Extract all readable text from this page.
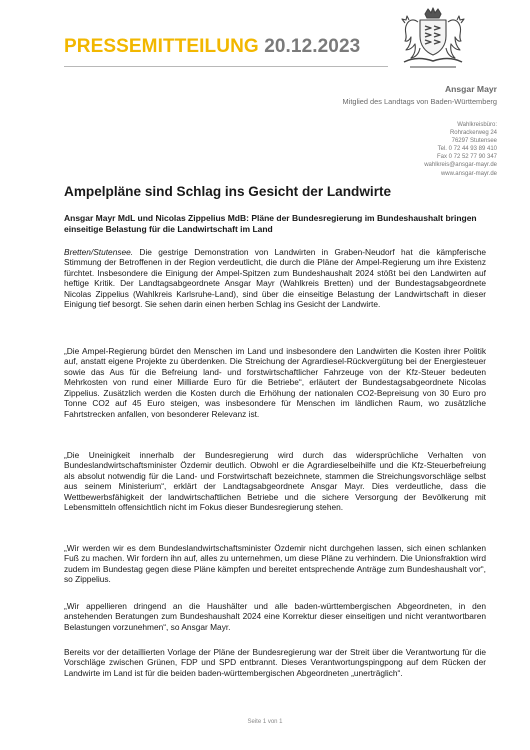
PRESSEMITTEILUNG 20.12.2023
Ansgar Mayr
Mitglied des Landtags von Baden-Württemberg
Wahlkreisbüro:
Rohrackerweg 24
76297 Stutensee
Tel. 0 72 44 93 89 410
Fax 0 72 52 77 90 347
wahlkreis@ansgar-mayr.de
www.ansgar-mayr.de
Ampelpläne sind Schlag ins Gesicht der Landwirte
Ansgar Mayr MdL und Nicolas Zippelius MdB: Pläne der Bundesregierung im Bundeshaushalt bringen einseitige Belastung für die Landwirtschaft im Land
Bretten/Stutensee. Die gestrige Demonstration von Landwirten in Graben-Neudorf hat die kämpferische Stimmung der Betroffenen in der Region verdeutlicht, die durch die Pläne der Ampel-Regierung um ihre Existenz fürchtet. Insbesondere die Einigung der Ampel-Spitzen zum Bundeshaushalt 2024 stößt bei den Landwirten auf heftige Kritik. Der Landtagsabgeordnete Ansgar Mayr (Wahlkreis Bretten) und der Bundestagsabgeordnete Nicolas Zippelius (Wahlkreis Karlsruhe-Land), sind über die einseitige Belastung der Landwirtschaft in dieser Einigung tief besorgt. Sie sehen darin einen herben Schlag ins Gesicht der Landwirte.
„Die Ampel-Regierung bürdet den Menschen im Land und insbesondere den Landwirten die Kosten ihrer Politik auf, anstatt eigene Projekte zu überdenken. Die Streichung der Agrardiesel-Rückvergütung bei der Energiesteuer sowie das Aus für die Befreiung land- und forstwirtschaftlicher Fahrzeuge von der Kfz-Steuer bedeuten Mehrkosten von rund einer Milliarde Euro für die Betriebe“, erläutert der Bundestagsabgeordnete Nicolas Zippelius. Zusätzlich werden die Kosten durch die Erhöhung der nationalen CO2-Bepreisung von 30 Euro pro Tonne CO2 auf 45 Euro steigen, was insbesondere für Menschen im ländlichen Raum, wo zusätzliche Fahrtstrecken anfallen, von besonderer Relevanz ist.
„Die Uneinigkeit innerhalb der Bundesregierung wird durch das widersprüchliche Verhalten von Bundeslandwirtschaftsminister Özdemir deutlich. Obwohl er die Agrardieselbeihilfe und die Kfz-Steuerbefreiung als absolut notwendig für die Land- und Forstwirtschaft bezeichnete, stammen die Streichungsvorschläge selbst aus seinem Ministerium“, erklärt der Landtagsabgeordnete Ansgar Mayr. Dies verdeutliche, dass die Wettbewerbsfähigkeit der landwirtschaftlichen Betriebe und die sichere Versorgung der Bevölkerung mit Lebensmitteln offensichtlich nicht im Fokus dieser Bundesregierung stehen.
„Wir werden wir es dem Bundeslandwirtschaftsminister Özdemir nicht durchgehen lassen, sich einen schlanken Fuß zu machen. Wir fordern ihn auf, alles zu unternehmen, um diese Pläne zu verhindern. Die Unionsfraktion wird zudem im Bundestag gegen diese Pläne kämpfen und bereitet entsprechende Anträge zum Bundeshaushalt vor“, so Zippelius.
„Wir appellieren dringend an die Haushälter und alle baden-württembergischen Abgeordneten, in den anstehenden Beratungen zum Bundeshaushalt 2024 eine Korrektur dieser einseitigen und nicht verantwortbaren Belastungen vorzunehmen“, so Ansgar Mayr.
Bereits vor der detaillierten Vorlage der Pläne der Bundesregierung war der Streit über die Verantwortung für die Vorschläge zwischen Grünen, FDP und SPD entbrannt. Dieses Verantwortungspingpong auf dem Rücken der Landwirte im Land ist für die beiden baden-württembergischen Abgeordneten „unerträglich“.
Seite 1 von 1
